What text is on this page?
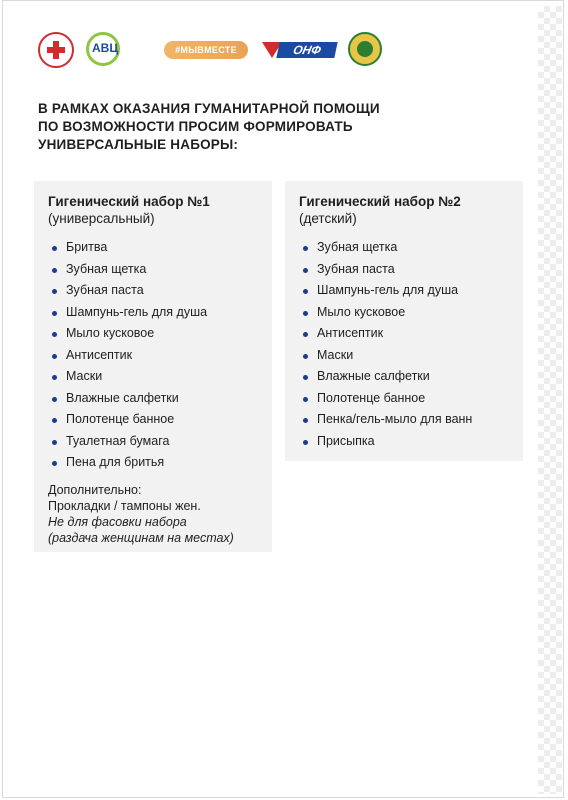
АВЦ	#МЫВМЕСТЕ	ОНФ
В РАМКАХ ОКАЗАНИЯ ГУМАНИТАРНОЙ ПОМОЩИ
ПО ВОЗМОЖНОСТИ ПРОСИМ ФОРМИРОВАТЬ
УНИВЕРСАЛЬНЫЕ НАБОРЫ:

Гигенический набор №1

(универсальный)

Бритва
Зубная щетка
Зубная паста
Шампунь-гель для душа
Мыло кусковое
Антисептик
Маски
Влажные салфетки
Полотенце банное
Туалетная бумага
Пена для бритья
Дополнительно:
Прокладки / тампоны жен.
Не для фасовки набора
(раздача женщинам на местах)

Гигенический набор №2

(детский)

Зубная щетка
Зубная паста
Шампунь-гель для душа
Мыло кусковое
Антисептик
Маски
Влажные салфетки
Полотенце банное
Пенка/гель-мыло для ванн
Присыпка
